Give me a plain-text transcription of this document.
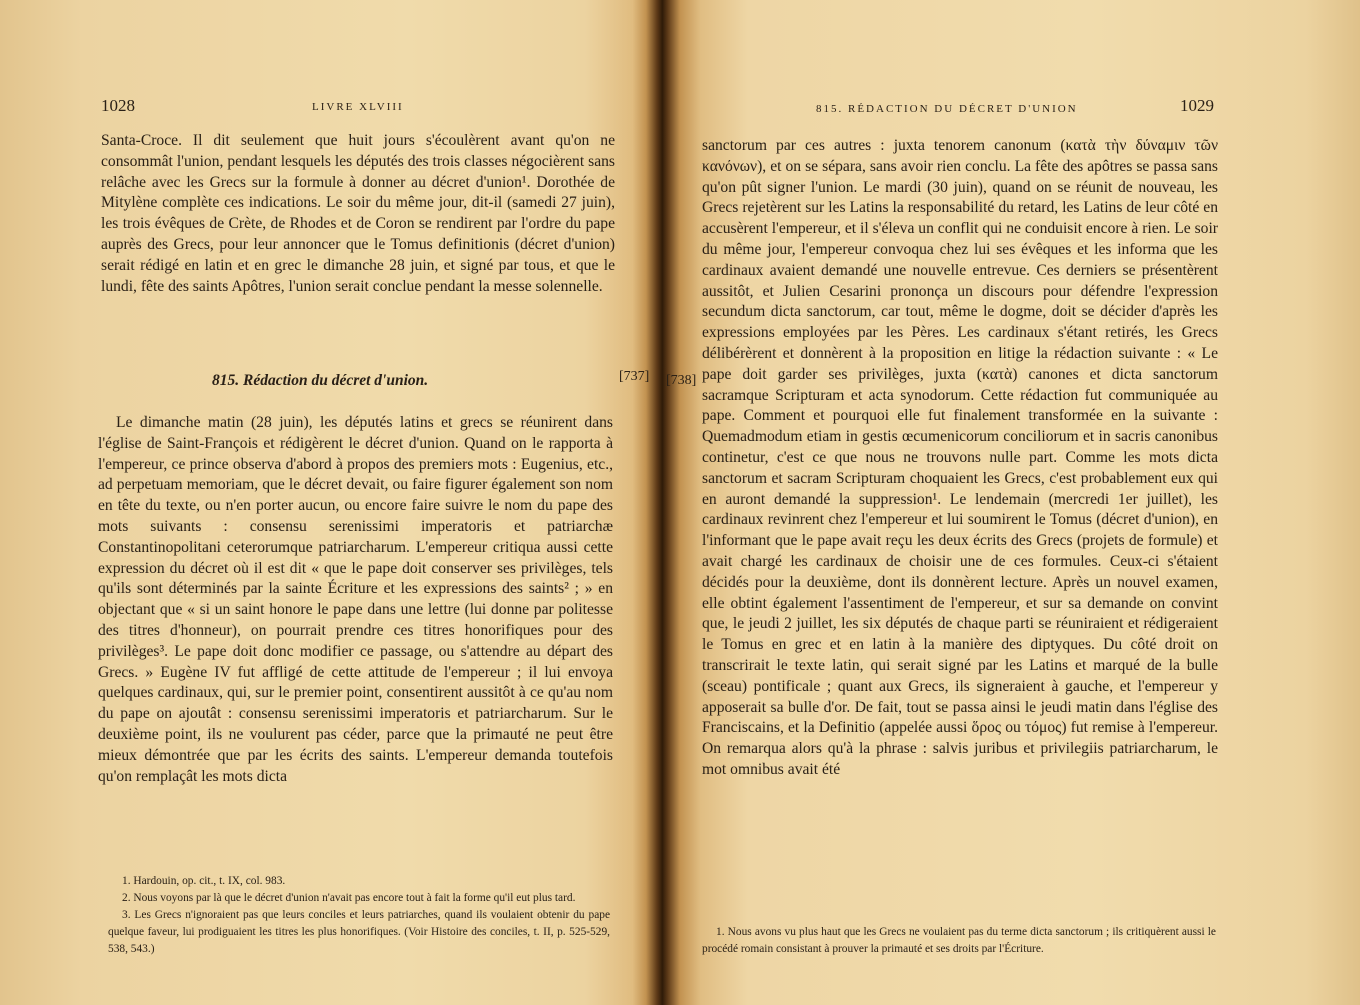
1028	LIVRE XLVIII

Santa-Croce. Il dit seulement que huit jours s'écoulèrent avant qu'on ne consommât l'union, pendant lesquels les députés des trois classes négocièrent sans relâche avec les Grecs sur la formule à donner au décret d'union¹. Dorothée de Mitylène complète ces indications. Le soir du même jour, dit-il (samedi 27 juin), les trois évêques de Crète, de Rhodes et de Coron se rendirent par l'ordre du pape auprès des Grecs, pour leur annoncer que le Tomus definitionis (décret d'union) serait rédigé en latin et en grec le dimanche 28 juin, et signé par tous, et que le lundi, fête des saints Apôtres, l'union serait conclue pendant la messe solennelle.

815. Rédaction du décret d'union.	[737]

Le dimanche matin (28 juin), les députés latins et grecs se réunirent dans l'église de Saint-François et rédigèrent le décret d'union. Quand on le rapporta à l'empereur, ce prince observa d'abord à propos des premiers mots : Eugenius, etc., ad perpetuam memoriam, que le décret devait, ou faire figurer également son nom en tête du texte, ou n'en porter aucun, ou encore faire suivre le nom du pape des mots suivants : consensu serenissimi imperatoris et patriarchæ Constantinopolitani ceterorumque patriarcharum. L'empereur critiqua aussi cette expression du décret où il est dit « que le pape doit conserver ses privilèges, tels qu'ils sont déterminés par la sainte Écriture et les expressions des saints² ; » en objectant que « si un saint honore le pape dans une lettre (lui donne par politesse des titres d'honneur), on pourrait prendre ces titres honorifiques pour des privilèges³. Le pape doit donc modifier ce passage, ou s'attendre au départ des Grecs. » Eugène IV fut affligé de cette attitude de l'empereur ; il lui envoya quelques cardinaux, qui, sur le premier point, consentirent aussitôt à ce qu'au nom du pape on ajoutât : consensu serenissimi imperatoris et patriarcharum. Sur le deuxième point, ils ne voulurent pas céder, parce que la primauté ne peut être mieux démontrée que par les écrits des saints. L'empereur demanda toutefois qu'on remplaçât les mots dicta

1. Hardouin, op. cit., t. IX, col. 983.

2. Nous voyons par là que le décret d'union n'avait pas encore tout à fait la forme qu'il eut plus tard.

3. Les Grecs n'ignoraient pas que leurs conciles et leurs patriarches, quand ils voulaient obtenir du pape quelque faveur, lui prodiguaient les titres les plus honorifiques. (Voir Histoire des conciles, t. II, p. 525-529, 538, 543.)

815. RÉDACTION DU DÉCRET D'UNION	1029
[738]

sanctorum par ces autres : juxta tenorem canonum (κατὰ τὴν δύναμιν τῶν κανόνων), et on se sépara, sans avoir rien conclu. La fête des apôtres se passa sans qu'on pût signer l'union. Le mardi (30 juin), quand on se réunit de nouveau, les Grecs rejetèrent sur les Latins la responsabilité du retard, les Latins de leur côté en accusèrent l'empereur, et il s'éleva un conflit qui ne conduisit encore à rien. Le soir du même jour, l'empereur convoqua chez lui ses évêques et les informa que les cardinaux avaient demandé une nouvelle entrevue. Ces derniers se présentèrent aussitôt, et Julien Cesarini prononça un discours pour défendre l'expression secundum dicta sanctorum, car tout, même le dogme, doit se décider d'après les expressions employées par les Pères. Les cardinaux s'étant retirés, les Grecs délibérèrent et donnèrent à la proposition en litige la rédaction suivante : « Le pape doit garder ses privilèges, juxta (κατὰ) canones et dicta sanctorum sacramque Scripturam et acta synodorum. Cette rédaction fut communiquée au pape. Comment et pourquoi elle fut finalement transformée en la suivante : Quemadmodum etiam in gestis œcumenicorum conciliorum et in sacris canonibus continetur, c'est ce que nous ne trouvons nulle part. Comme les mots dicta sanctorum et sacram Scripturam choquaient les Grecs, c'est probablement eux qui en auront demandé la suppression¹. Le lendemain (mercredi 1er juillet), les cardinaux revinrent chez l'empereur et lui soumirent le Tomus (décret d'union), en l'informant que le pape avait reçu les deux écrits des Grecs (projets de formule) et avait chargé les cardinaux de choisir une de ces formules. Ceux-ci s'étaient décidés pour la deuxième, dont ils donnèrent lecture. Après un nouvel examen, elle obtint également l'assentiment de l'empereur, et sur sa demande on convint que, le jeudi 2 juillet, les six députés de chaque parti se réuniraient et rédigeraient le Tomus en grec et en latin à la manière des diptyques. Du côté droit on transcrirait le texte latin, qui serait signé par les Latins et marqué de la bulle (sceau) pontificale ; quant aux Grecs, ils signeraient à gauche, et l'empereur y apposerait sa bulle d'or. De fait, tout se passa ainsi le jeudi matin dans l'église des Franciscains, et la Definitio (appelée aussi ὅρος ou τόμος) fut remise à l'empereur. On remarqua alors qu'à la phrase : salvis juribus et privilegiis patriarcharum, le mot omnibus avait été

1. Nous avons vu plus haut que les Grecs ne voulaient pas du terme dicta sanctorum ; ils critiquèrent aussi le procédé romain consistant à prouver la primauté et ses droits par l'Écriture.
